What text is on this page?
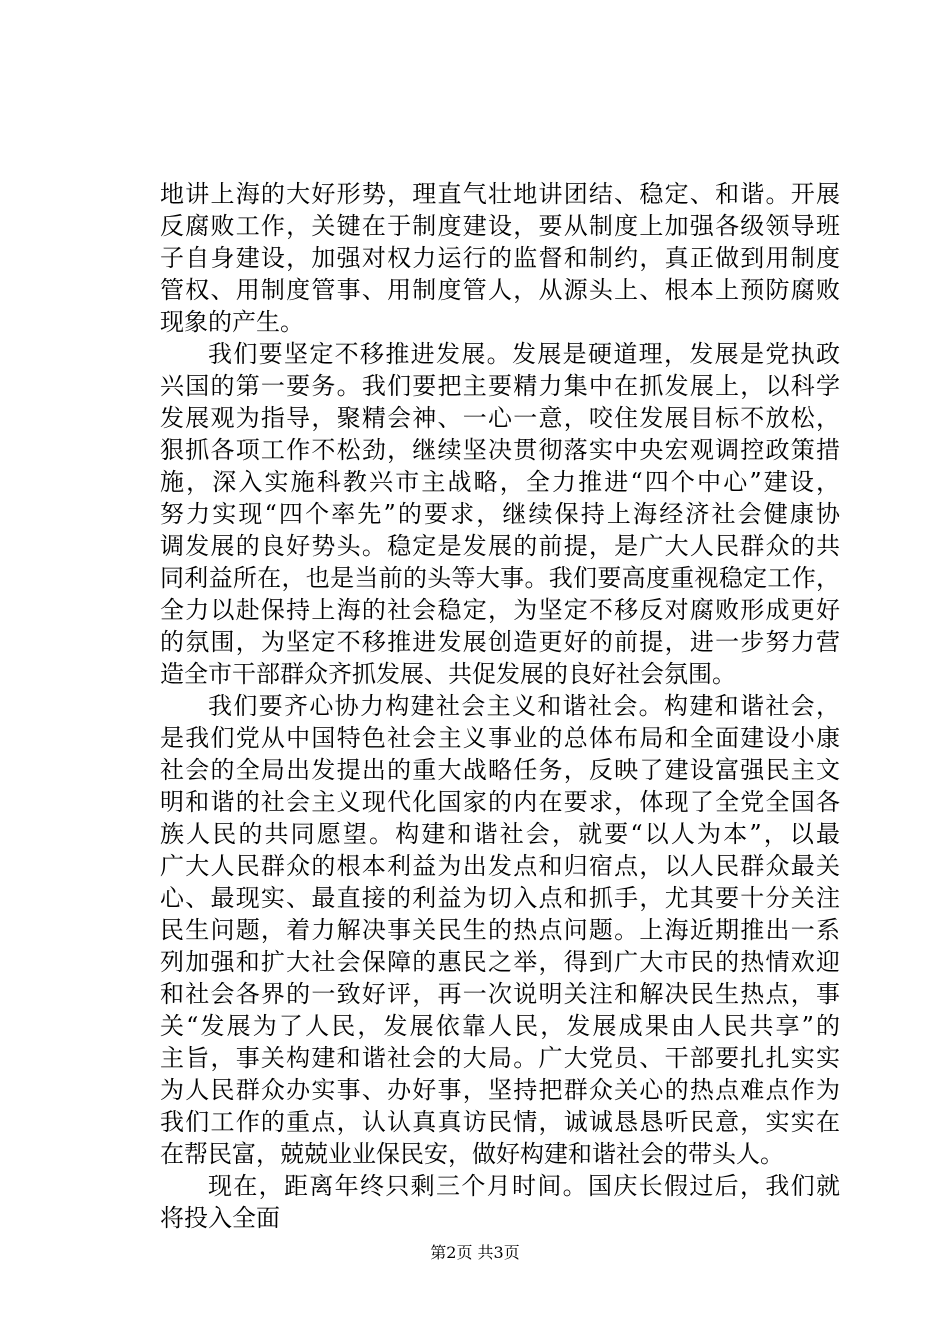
地讲上海的大好形势，理直气壮地讲团结、稳定、和谐。开展
反腐败工作，关键在于制度建设，要从制度上加强各级领导班
子自身建设，加强对权力运行的监督和制约，真正做到用制度
管权、用制度管事、用制度管人，从源头上、根本上预防腐败
现象的产生。
我们要坚定不移推进发展。发展是硬道理，发展是党执政
兴国的第一要务。我们要把主要精力集中在抓发展上，以科学
发展观为指导，聚精会神、一心一意，咬住发展目标不放松，
狠抓各项工作不松劲，继续坚决贯彻落实中央宏观调控政策措
施，深入实施科教兴市主战略，全力推进“四个中心”建设，
努力实现“四个率先”的要求，继续保持上海经济社会健康协
调发展的良好势头。稳定是发展的前提，是广大人民群众的共
同利益所在，也是当前的头等大事。我们要高度重视稳定工作，
全力以赴保持上海的社会稳定，为坚定不移反对腐败形成更好
的氛围，为坚定不移推进发展创造更好的前提，进一步努力营
造全市干部群众齐抓发展、共促发展的良好社会氛围。
我们要齐心协力构建社会主义和谐社会。构建和谐社会，
是我们党从中国特色社会主义事业的总体布局和全面建设小康
社会的全局出发提出的重大战略任务，反映了建设富强民主文
明和谐的社会主义现代化国家的内在要求，体现了全党全国各
族人民的共同愿望。构建和谐社会，就要“以人为本”，以最
广大人民群众的根本利益为出发点和归宿点，以人民群众最关
心、最现实、最直接的利益为切入点和抓手，尤其要十分关注
民生问题，着力解决事关民生的热点问题。上海近期推出一系
列加强和扩大社会保障的惠民之举，得到广大市民的热情欢迎
和社会各界的一致好评，再一次说明关注和解决民生热点，事
关“发展为了人民，发展依靠人民，发展成果由人民共享”的
主旨，事关构建和谐社会的大局。广大党员、干部要扎扎实实
为人民群众办实事、办好事，坚持把群众关心的热点难点作为
我们工作的重点，认认真真访民情，诚诚恳恳听民意，实实在
在帮民富，兢兢业业保民安，做好构建和谐社会的带头人。
现在，距离年终只剩三个月时间。国庆长假过后，我们就
将投入全面
第2页 共3页
